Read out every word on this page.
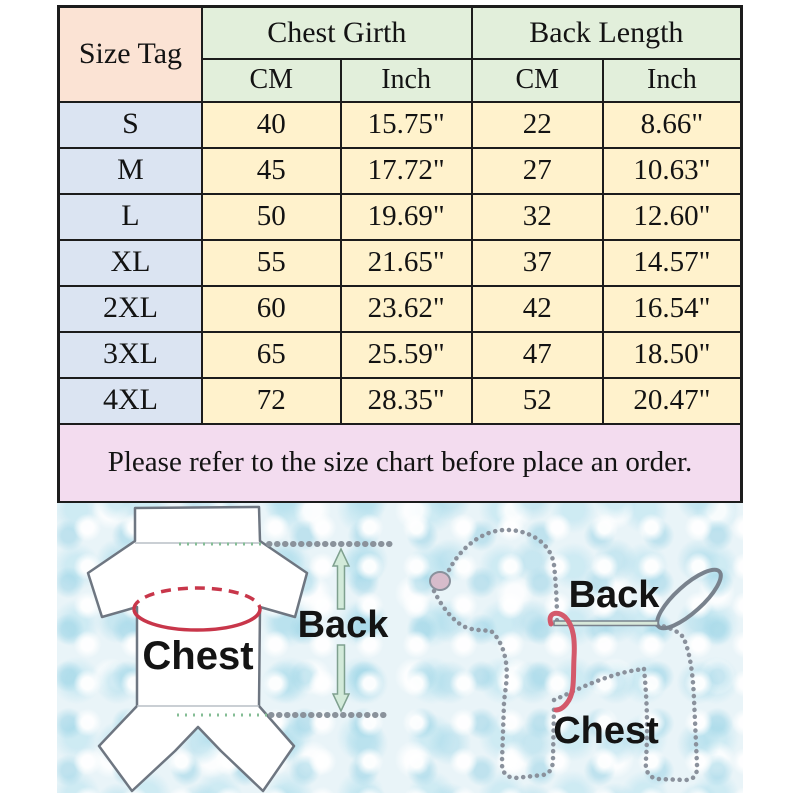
Size Tag	Chest Girth		Back Length	
	CM	Inch	CM	Inch
S	40	15.75"	22	8.66"
M	45	17.72"	27	10.63"
L	50	19.69"	32	12.60"
XL	55	21.65"	37	14.57"
2XL	60	23.62"	42	16.54"
3XL	65	25.59"	47	18.50"
4XL	72	28.35"	52	20.47"
Please refer to the size chart before place an order.				
Chest
Back
Back
Chest
